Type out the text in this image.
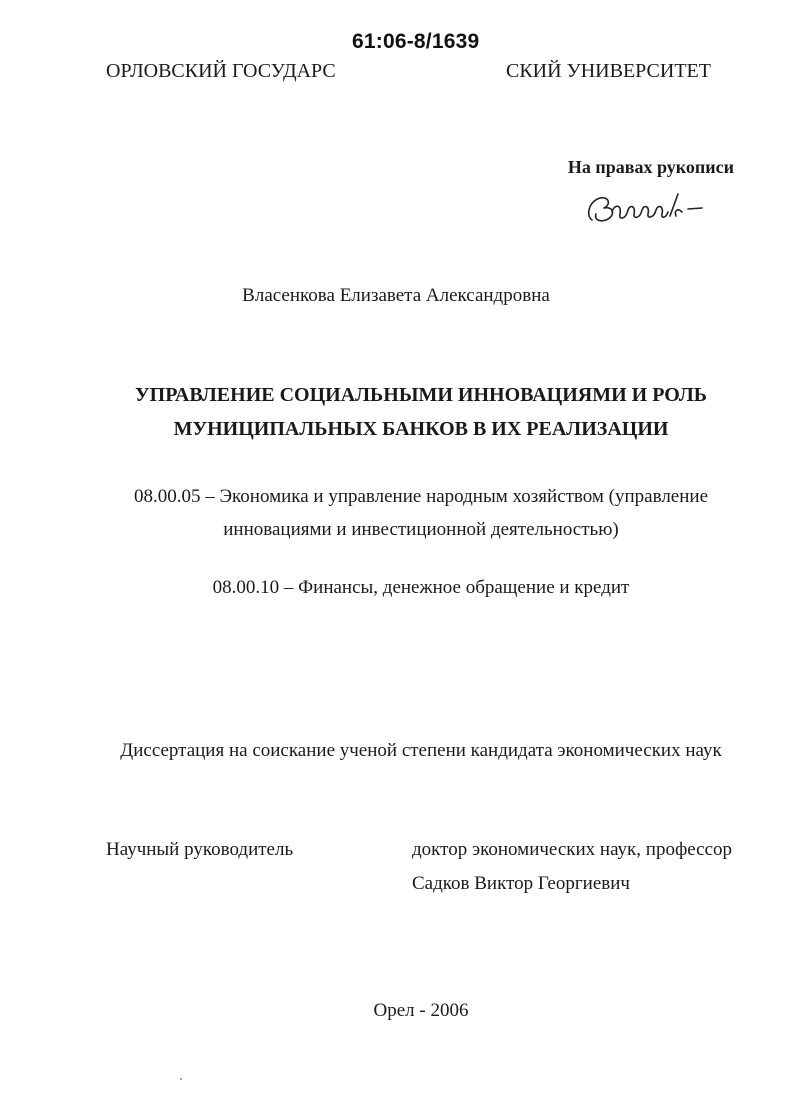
61:06-8/1639
ОРЛОВСКИЙ ГОСУДАРС	СКИЙ УНИВЕРСИТЕТ
На правах рукописи
Власенкова Елизавета Александровна
УПРАВЛЕНИЕ СОЦИАЛЬНЫМИ ИННОВАЦИЯМИ И РОЛЬ
МУНИЦИПАЛЬНЫХ БАНКОВ В ИХ РЕАЛИЗАЦИИ
08.00.05 – Экономика и управление народным хозяйством (управление
инновациями и инвестиционной деятельностью)
08.00.10 – Финансы, денежное обращение и кредит
Диссертация на соискание ученой степени кандидата экономических наук
Научный руководитель	доктор экономических наук, профессор
Садков Виктор Георгиевич
Орел - 2006
